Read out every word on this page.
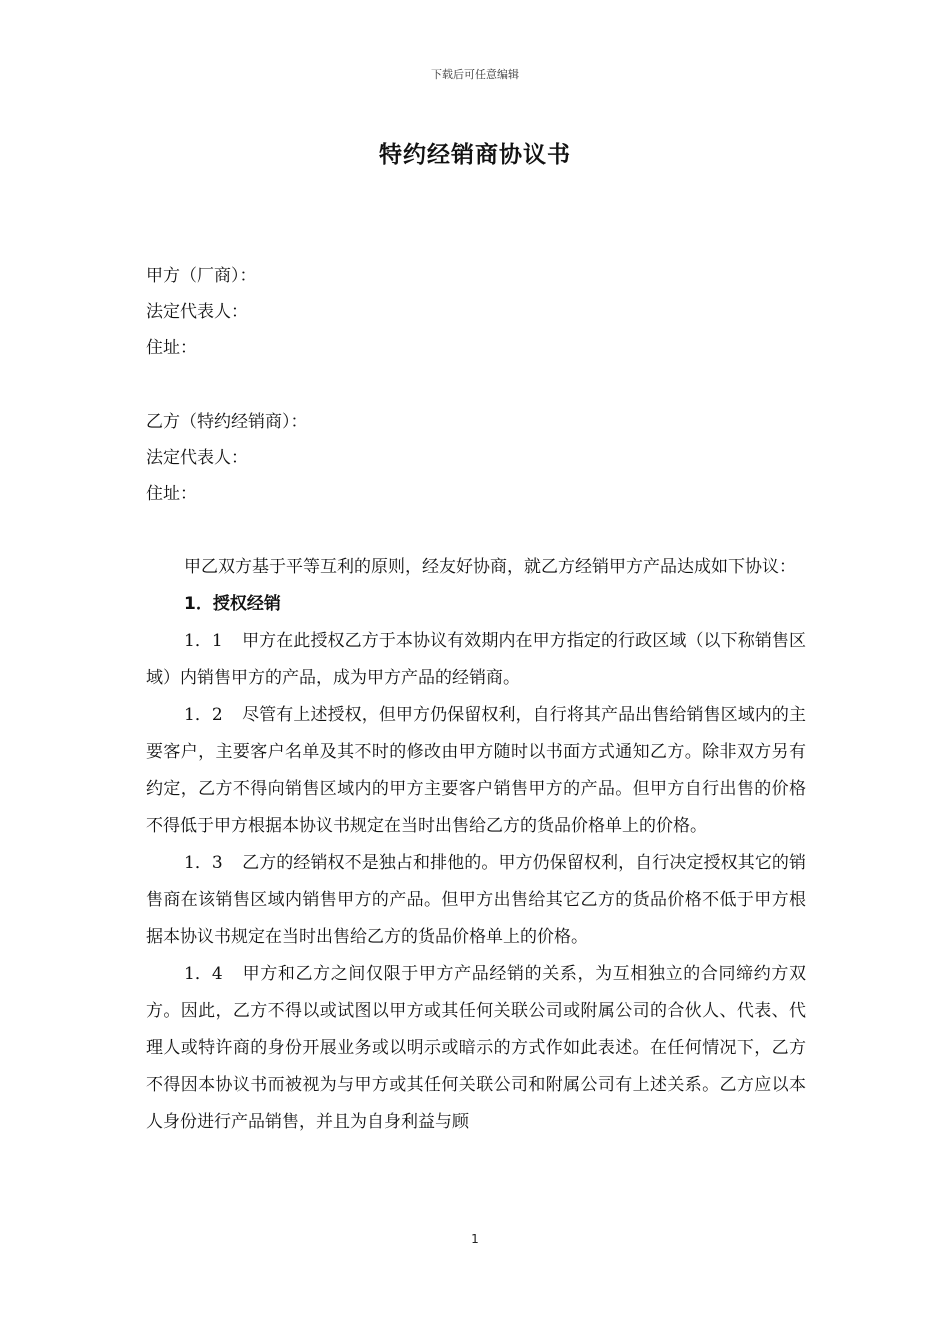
下载后可任意编辑
特约经销商协议书
甲方（厂商）：
法定代表人：
住址：
乙方（特约经销商）：
法定代表人：
住址：

甲乙双方基于平等互利的原则，经友好协商，就乙方经销甲方产品达成如下协议：

1．授权经销

1．1 甲方在此授权乙方于本协议有效期内在甲方指定的行政区域（以下称销售区域）内销售甲方的产品，成为甲方产品的经销商。

1．2 尽管有上述授权，但甲方仍保留权利，自行将其产品出售给销售区域内的主要客户，主要客户名单及其不时的修改由甲方随时以书面方式通知乙方。除非双方另有约定，乙方不得向销售区域内的甲方主要客户销售甲方的产品。但甲方自行出售的价格不得低于甲方根据本协议书规定在当时出售给乙方的货品价格单上的价格。

1．3 乙方的经销权不是独占和排他的。甲方仍保留权利，自行决定授权其它的销售商在该销售区域内销售甲方的产品。但甲方出售给其它乙方的货品价格不低于甲方根据本协议书规定在当时出售给乙方的货品价格单上的价格。

1．4 甲方和乙方之间仅限于甲方产品经销的关系，为互相独立的合同缔约方双方。因此，乙方不得以或试图以甲方或其任何关联公司或附属公司的合伙人、代表、代理人或特许商的身份开展业务或以明示或暗示的方式作如此表述。在任何情况下，乙方不得因本协议书而被视为与甲方或其任何关联公司和附属公司有上述关系。乙方应以本人身份进行产品销售，并且为自身利益与顾

1
